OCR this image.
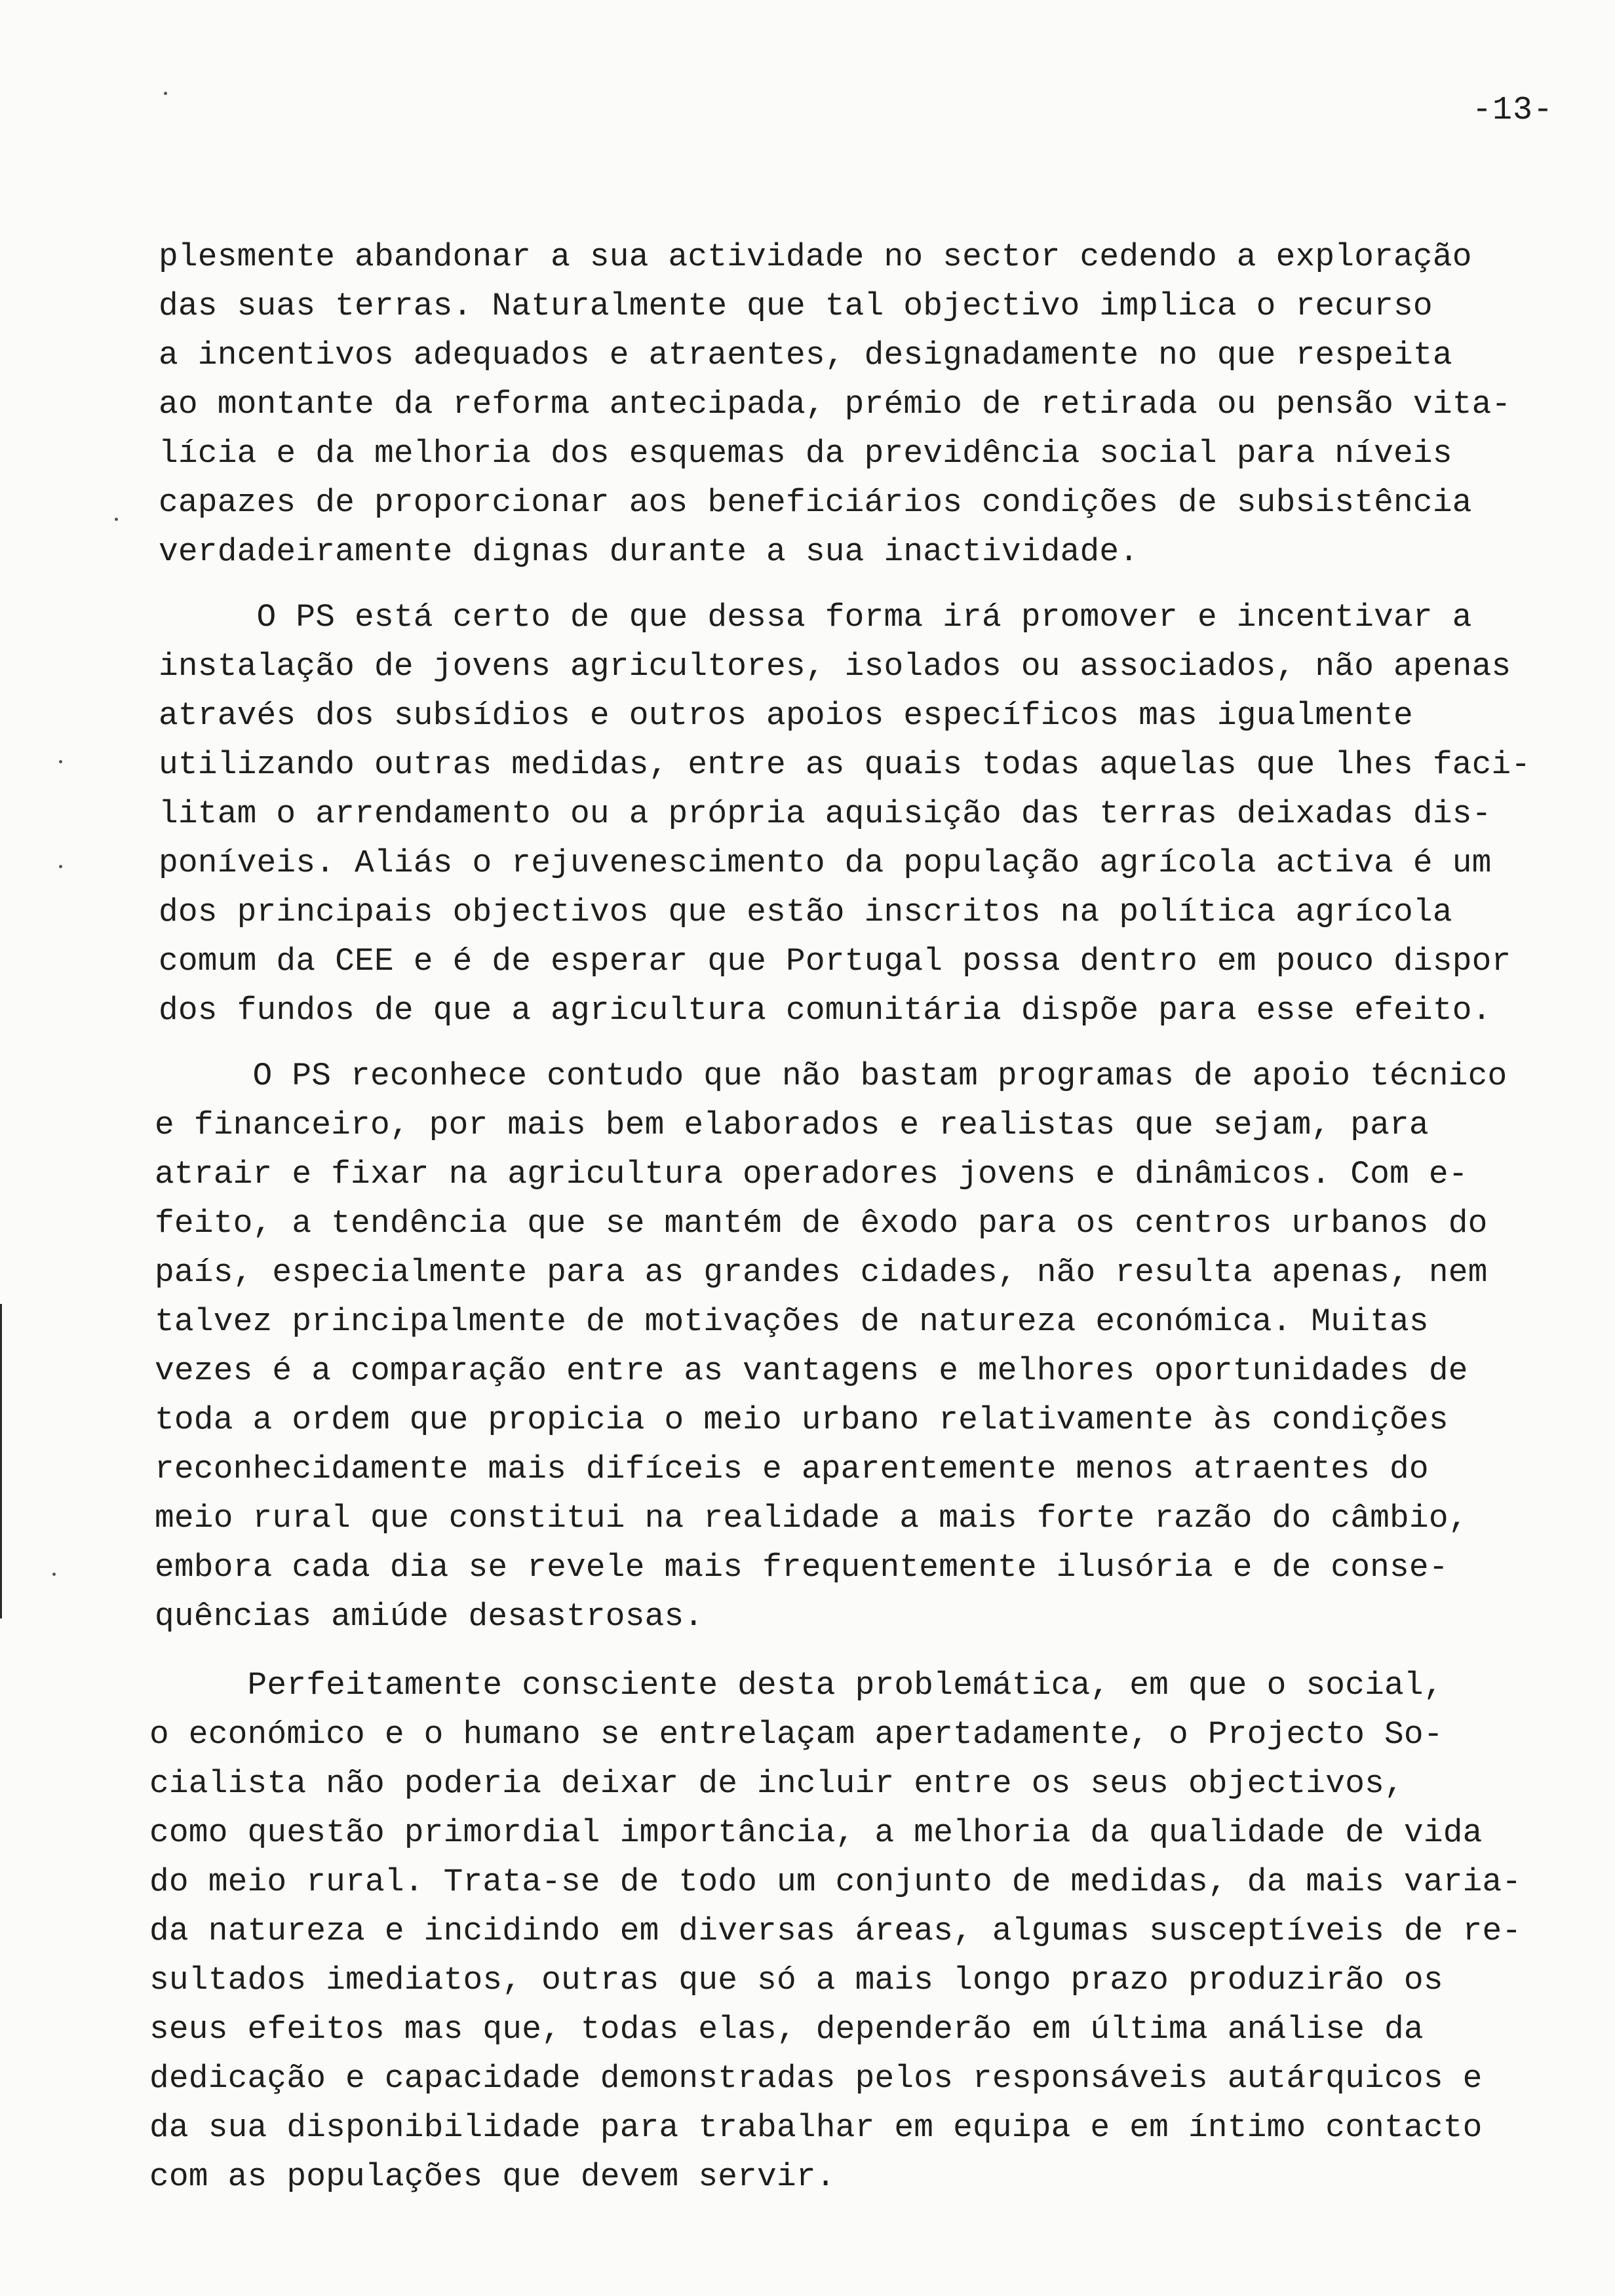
-13-
plesmente abandonar a sua actividade no sector cedendo a exploração
das suas terras. Naturalmente que tal objectivo implica o recurso
a incentivos adequados e atraentes, designadamente no que respeita
ao montante da reforma antecipada, prémio de retirada ou pensão vita-
lícia e da melhoria dos esquemas da previdência social para níveis
capazes de proporcionar aos beneficiários condições de subsistência
verdadeiramente dignas durante a sua inactividade.
O PS está certo de que dessa forma irá promover e incentivar a
instalação de jovens agricultores, isolados ou associados, não apenas
através dos subsídios e outros apoios específicos mas igualmente
utilizando outras medidas, entre as quais todas aquelas que lhes faci-
litam o arrendamento ou a própria aquisição das terras deixadas dis-
poníveis. Aliás o rejuvenescimento da população agrícola activa é um
dos principais objectivos que estão inscritos na política agrícola
comum da CEE e é de esperar que Portugal possa dentro em pouco dispor
dos fundos de que a agricultura comunitária dispõe para esse efeito.
O PS reconhece contudo que não bastam programas de apoio técnico
e financeiro, por mais bem elaborados e realistas que sejam, para
atrair e fixar na agricultura operadores jovens e dinâmicos. Com e-
feito, a tendência que se mantém de êxodo para os centros urbanos do
país, especialmente para as grandes cidades, não resulta apenas, nem
talvez principalmente de motivações de natureza económica. Muitas
vezes é a comparação entre as vantagens e melhores oportunidades de
toda a ordem que propicia o meio urbano relativamente às condições
reconhecidamente mais difíceis e aparentemente menos atraentes do
meio rural que constitui na realidade a mais forte razão do câmbio,
embora cada dia se revele mais frequentemente ilusória e de conse-
quências amiúde desastrosas.
Perfeitamente consciente desta problemática, em que o social,
o económico e o humano se entrelaçam apertadamente, o Projecto So-
cialista não poderia deixar de incluir entre os seus objectivos,
como questão primordial importância, a melhoria da qualidade de vida
do meio rural. Trata-se de todo um conjunto de medidas, da mais varia-
da natureza e incidindo em diversas áreas, algumas susceptíveis de re-
sultados imediatos, outras que só a mais longo prazo produzirão os
seus efeitos mas que, todas elas, dependerão em última análise da
dedicação e capacidade demonstradas pelos responsáveis autárquicos e
da sua disponibilidade para trabalhar em equipa e em íntimo contacto
com as populações que devem servir.
